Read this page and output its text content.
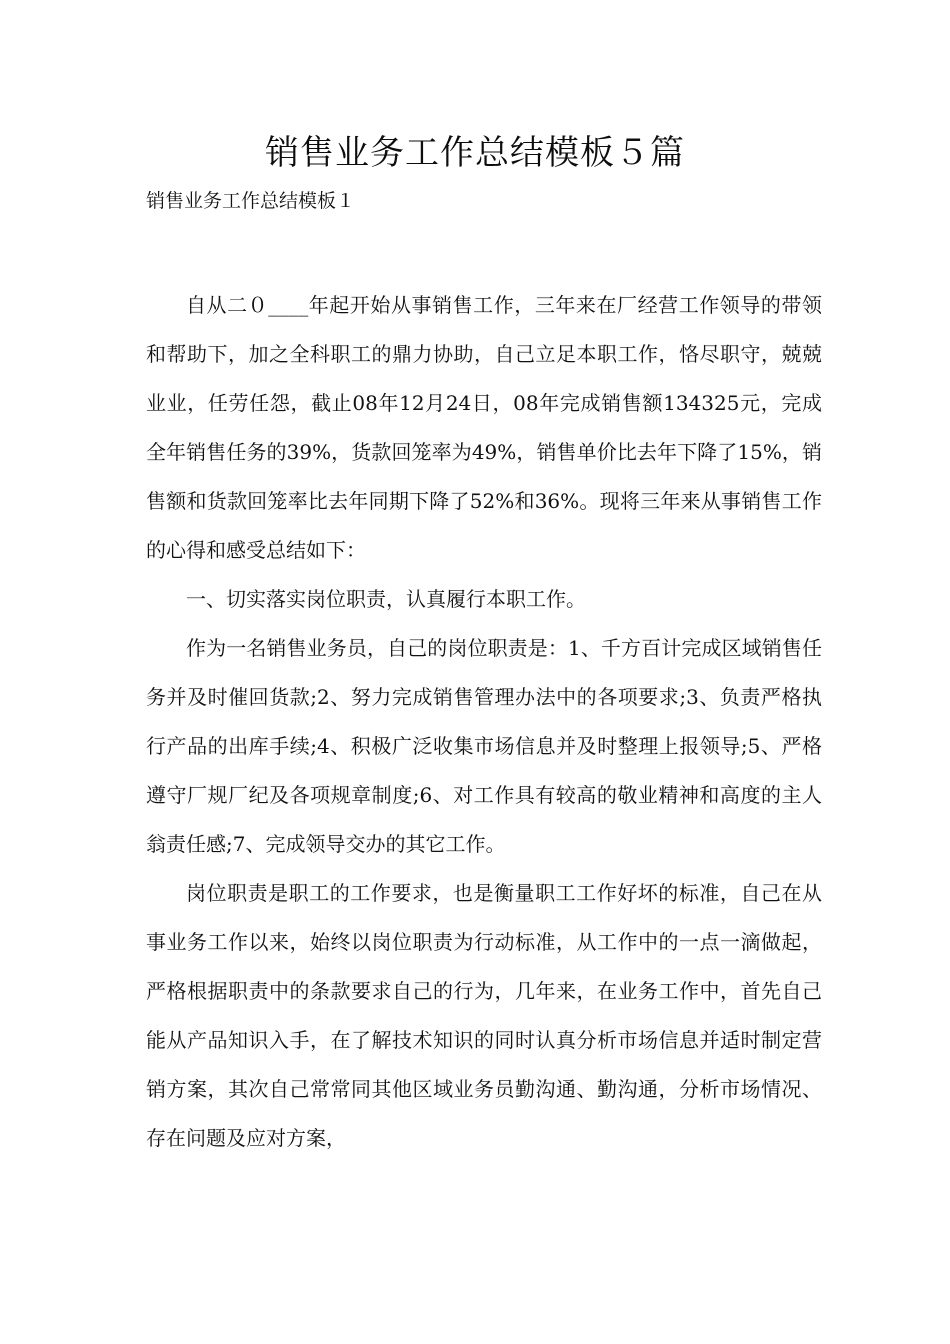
销售业务工作总结模板５篇

销售业务工作总结模板１

自从二０____年起开始从事销售工作，三年来在厂经营工作领导的带领和帮助下，加之全科职工的鼎力协助，自己立足本职工作，恪尽职守，兢兢业业，任劳任怨，截止08年12月24日，08年完成销售额134325元，完成全年销售任务的39%，货款回笼率为49%，销售单价比去年下降了15%，销售额和货款回笼率比去年同期下降了52%和36%。现将三年来从事销售工作的心得和感受总结如下：

一、切实落实岗位职责，认真履行本职工作。

作为一名销售业务员，自己的岗位职责是：1、千方百计完成区域销售任务并及时催回货款;2、努力完成销售管理办法中的各项要求;3、负责严格执行产品的出库手续;4、积极广泛收集市场信息并及时整理上报领导;5、严格遵守厂规厂纪及各项规章制度;6、对工作具有较高的敬业精神和高度的主人翁责任感;7、完成领导交办的其它工作。

岗位职责是职工的工作要求，也是衡量职工工作好坏的标准，自己在从事业务工作以来，始终以岗位职责为行动标准，从工作中的一点一滴做起，严格根据职责中的条款要求自己的行为，几年来，在业务工作中，首先自己能从产品知识入手，在了解技术知识的同时认真分析市场信息并适时制定营销方案，其次自己常常同其他区域业务员勤沟通、勤沟通，分析市场情况、存在问题及应对方案，
